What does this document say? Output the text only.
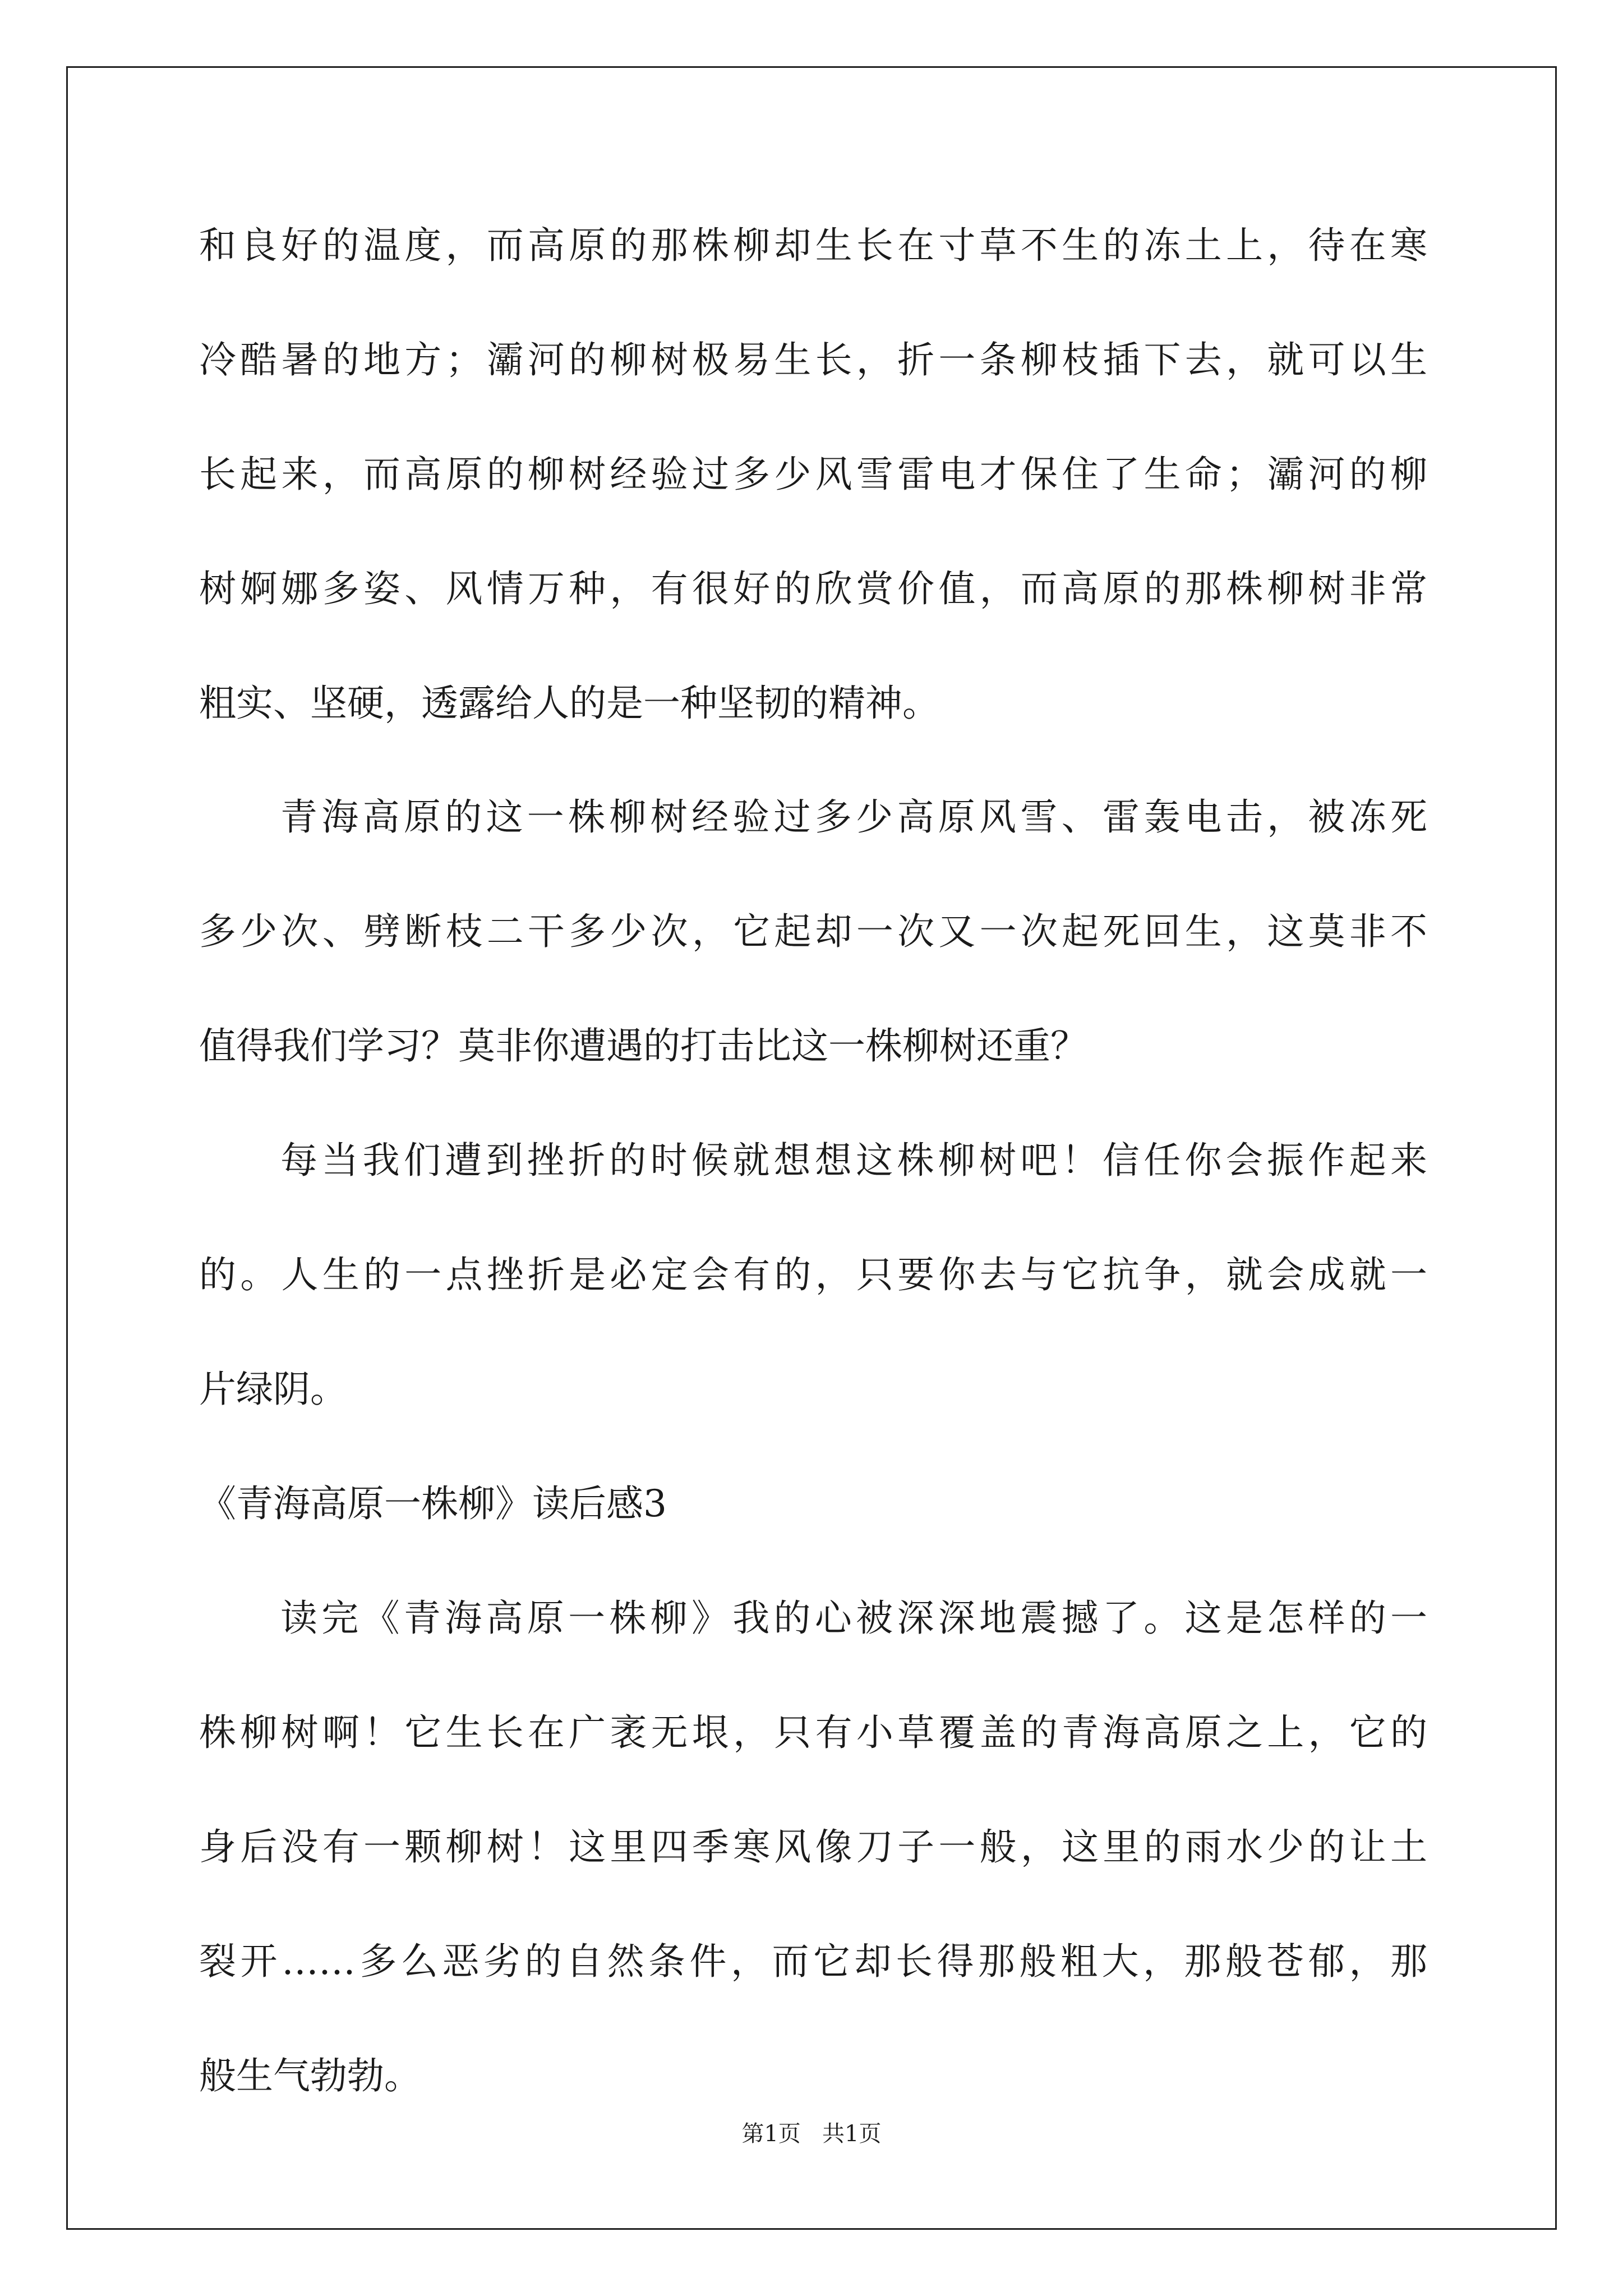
和良好的温度，而高原的那株柳却生长在寸草不生的冻土上，待在寒
冷酷暑的地方；灞河的柳树极易生长，折一条柳枝插下去，就可以生
长起来，而高原的柳树经验过多少风雪雷电才保住了生命；灞河的柳
树婀娜多姿、风情万种，有很好的欣赏价值，而高原的那株柳树非常
粗实、坚硬，透露给人的是一种坚韧的精神。
青海高原的这一株柳树经验过多少高原风雪、雷轰电击，被冻死
多少次、劈断枝二干多少次，它起却一次又一次起死回生，这莫非不
值得我们学习？莫非你遭遇的打击比这一株柳树还重？
每当我们遭到挫折的时候就想想这株柳树吧！信任你会振作起来
的。人生的一点挫折是必定会有的，只要你去与它抗争，就会成就一
片绿阴。
《青海高原一株柳》读后感3
读完《青海高原一株柳》我的心被深深地震撼了。这是怎样的一
株柳树啊！它生长在广袤无垠，只有小草覆盖的青海高原之上，它的
身后没有一颗柳树！这里四季寒风像刀子一般，这里的雨水少的让土
裂开……多么恶劣的自然条件，而它却长得那般粗大，那般苍郁，那
般生气勃勃。
第1页   共1页
